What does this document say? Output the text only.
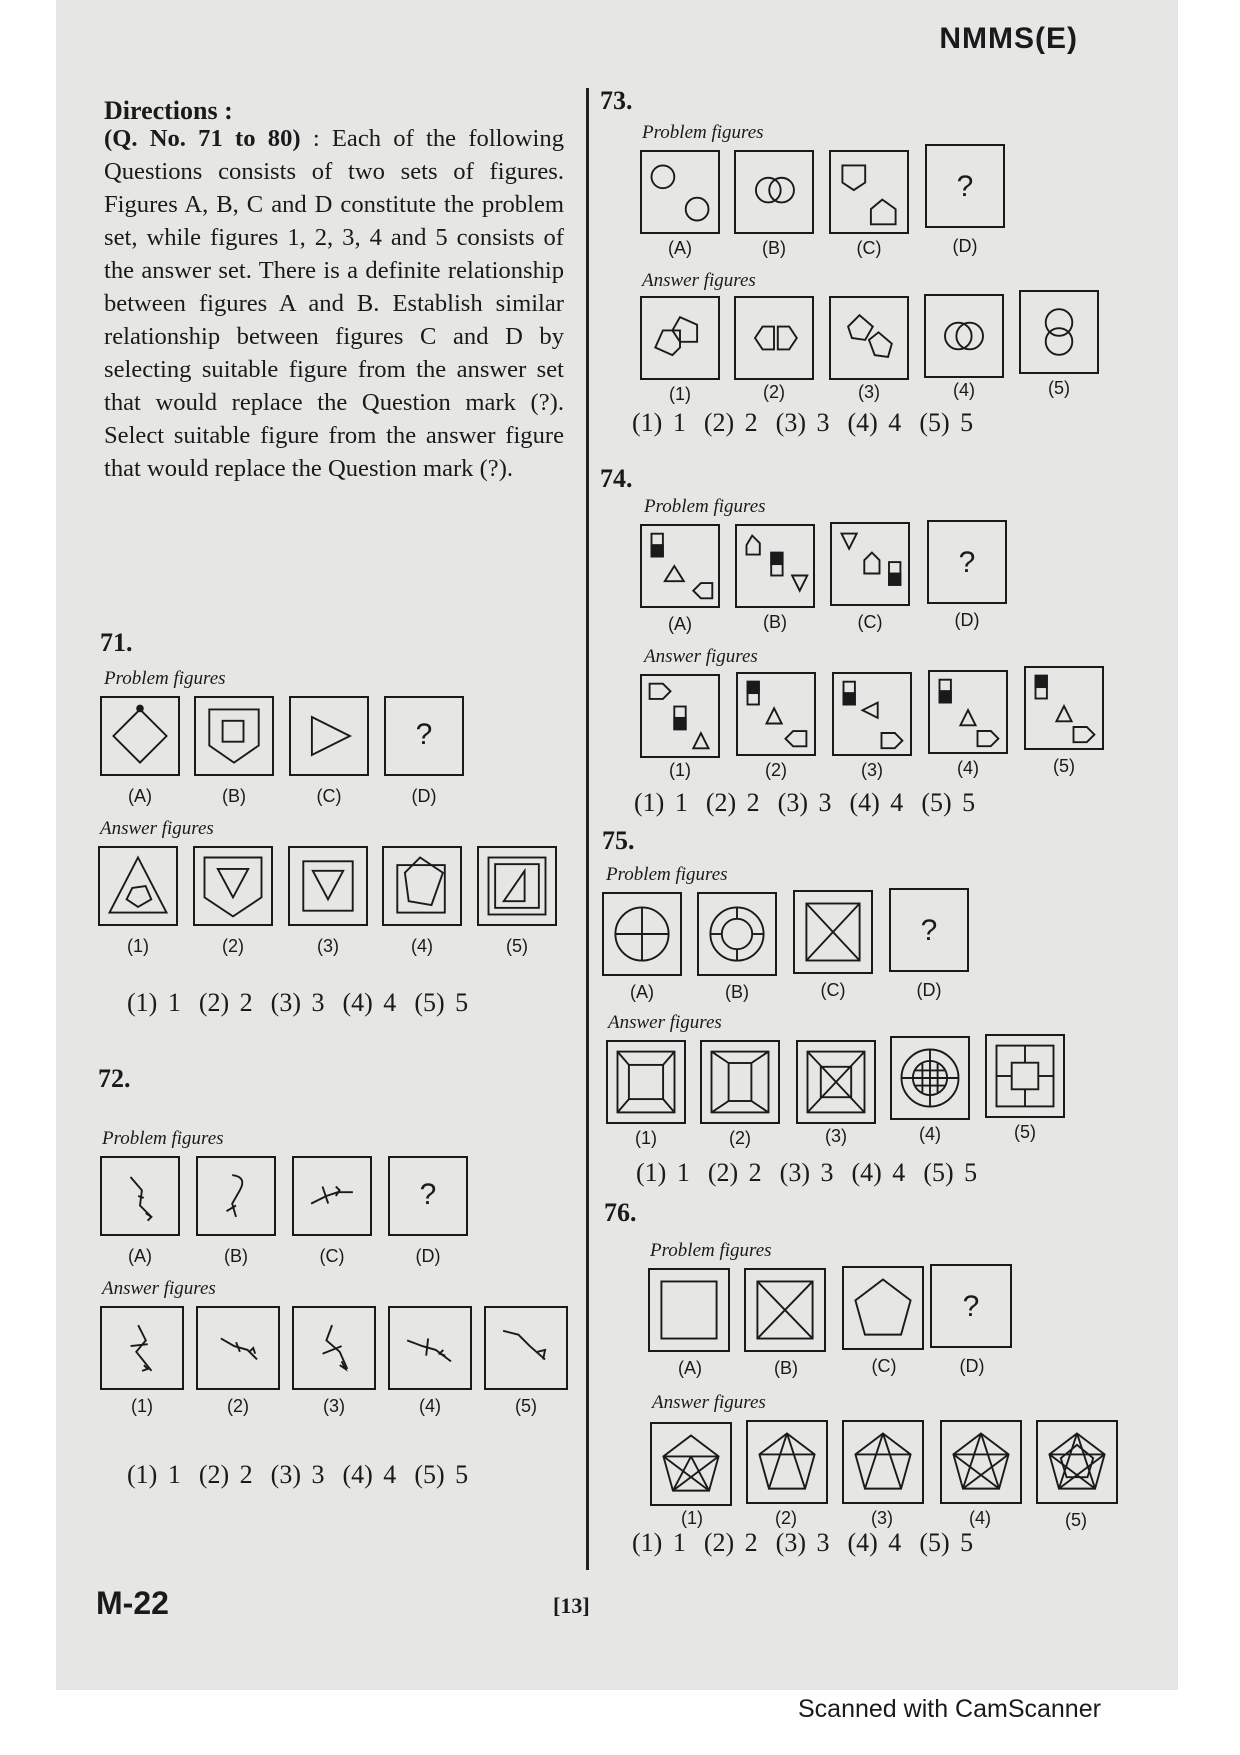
NMMS(E)
Directions :
(Q. No. 71 to 80) : Each of the following Questions consists of two sets of figures. Figures A, B, C and D constitute the problem set, while figures 1, 2, 3, 4 and 5 consists of the answer set. There is a definite relationship between figures A and B. Establish similar relationship between figures C and D by selecting suitable figure from the answer set that would replace the Question mark (?). Select suitable figure from the answer figure that would replace the Question mark (?).
71.
Problem figures
?
(A)	(B)	(C)	(D)
Answer figures
(1)	(2)	(3)	(4)	(5)
(1) 1 (2) 2 (3) 3 (4) 4 (5) 5
72.
Problem figures
?
(A)	(B)	(C)	(D)
Answer figures
(1)	(2)	(3)	(4)	(5)
(1) 1 (2) 2 (3) 3 (4) 4 (5) 5
73.
Problem figures
?
(A)	(B)	(C)	(D)
Answer figures
(1)	(2)	(3)	(4)	(5)
(1) 1 (2) 2 (3) 3 (4) 4 (5) 5
74.
Problem figures
?
(A)	(B)	(C)	(D)
Answer figures
(1)	(2)	(3)	(4)	(5)
(1) 1 (2) 2 (3) 3 (4) 4 (5) 5
75.
Problem figures
?
(A)	(B)	(C)	(D)
Answer figures
(1)	(2)	(3)	(4)	(5)
(1) 1 (2) 2 (3) 3 (4) 4 (5) 5
76.
Problem figures
?
(A)	(B)	(C)	(D)
Answer figures
(1)	(2)	(3)	(4)	(5)
(1) 1 (2) 2 (3) 3 (4) 4 (5) 5
M-22	[13]
Scanned with CamScanner
